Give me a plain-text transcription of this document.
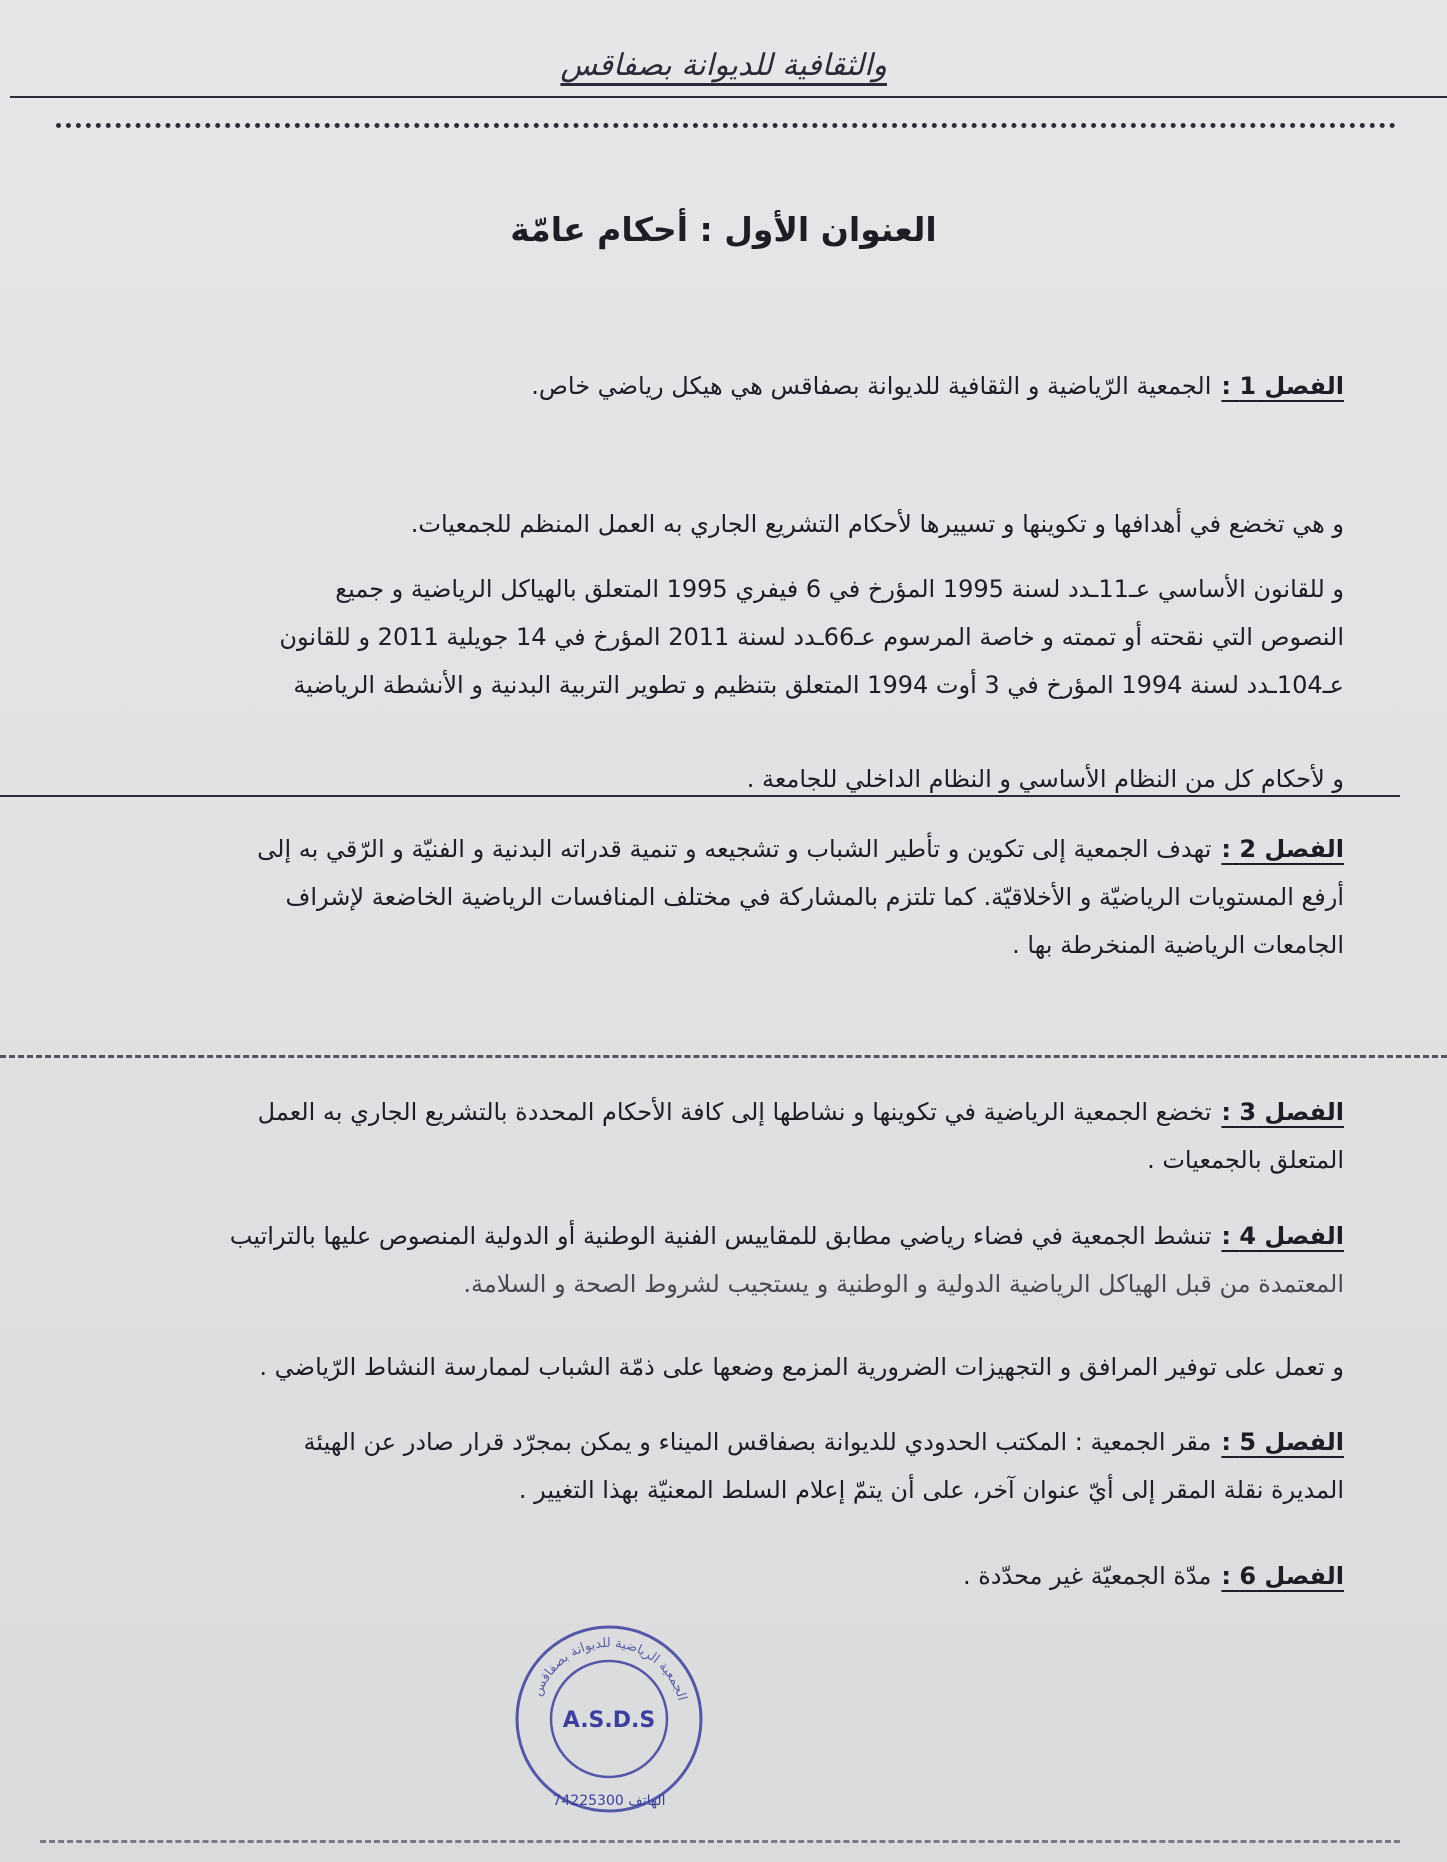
والثقافية للديوانة بصفاقس
العنوان الأول : أحكام عامّة
الفصل 1 :الجمعية الرّياضية و الثقافية للديوانة بصفاقس هي هيكل رياضي خاص.
و هي تخضع في أهدافها و تكوينها و تسييرها لأحكام التشريع الجاري به العمل المنظم للجمعيات.
و للقانون الأساسي عـ11ـدد لسنة 1995 المؤرخ في 6 فيفري 1995 المتعلق بالهياكل الرياضية و جميع
النصوص التي نقحته أو تممته و خاصة المرسوم عـ66ـدد لسنة 2011 المؤرخ في 14 جويلية 2011 و للقانون
عـ104ـدد لسنة 1994 المؤرخ في 3 أوت 1994 المتعلق بتنظيم و تطوير التربية البدنية و الأنشطة الرياضية
و لأحكام كل من النظام الأساسي و النظام الداخلي للجامعة .
الفصل 2 :تهدف الجمعية إلى تكوين و تأطير الشباب و تشجيعه و تنمية قدراته البدنية و الفنيّة و الرّقي به إلى
أرفع المستويات الرياضيّة و الأخلاقيّة. كما تلتزم بالمشاركة في مختلف المنافسات الرياضية الخاضعة لإشراف
الجامعات الرياضية المنخرطة بها .
الفصل 3 :تخضع الجمعية الرياضية في تكوينها و نشاطها إلى كافة الأحكام المحددة بالتشريع الجاري به العمل
المتعلق بالجمعيات .
الفصل 4 :تنشط الجمعية في فضاء رياضي مطابق للمقاييس الفنية الوطنية أو الدولية المنصوص عليها بالتراتيب
المعتمدة من قبل الهياكل الرياضية الدولية و الوطنية و يستجيب لشروط الصحة و السلامة.
و تعمل على توفير المرافق و التجهيزات الضرورية المزمع وضعها على ذمّة الشباب لممارسة النشاط الرّياضي .
الفصل 5 :مقر الجمعية : المكتب الحدودي للديوانة بصفاقس الميناء و يمكن بمجرّد قرار صادر عن الهيئة
المديرة نقلة المقر إلى أيّ عنوان آخر، على أن يتمّ إعلام السلط المعنيّة بهذا التغيير .
الفصل 6 :مدّة الجمعيّة غير محدّدة .
الجمعية الرياضية للديوانة بصفاقس
A.S.D.S
الهاتف 74225300
